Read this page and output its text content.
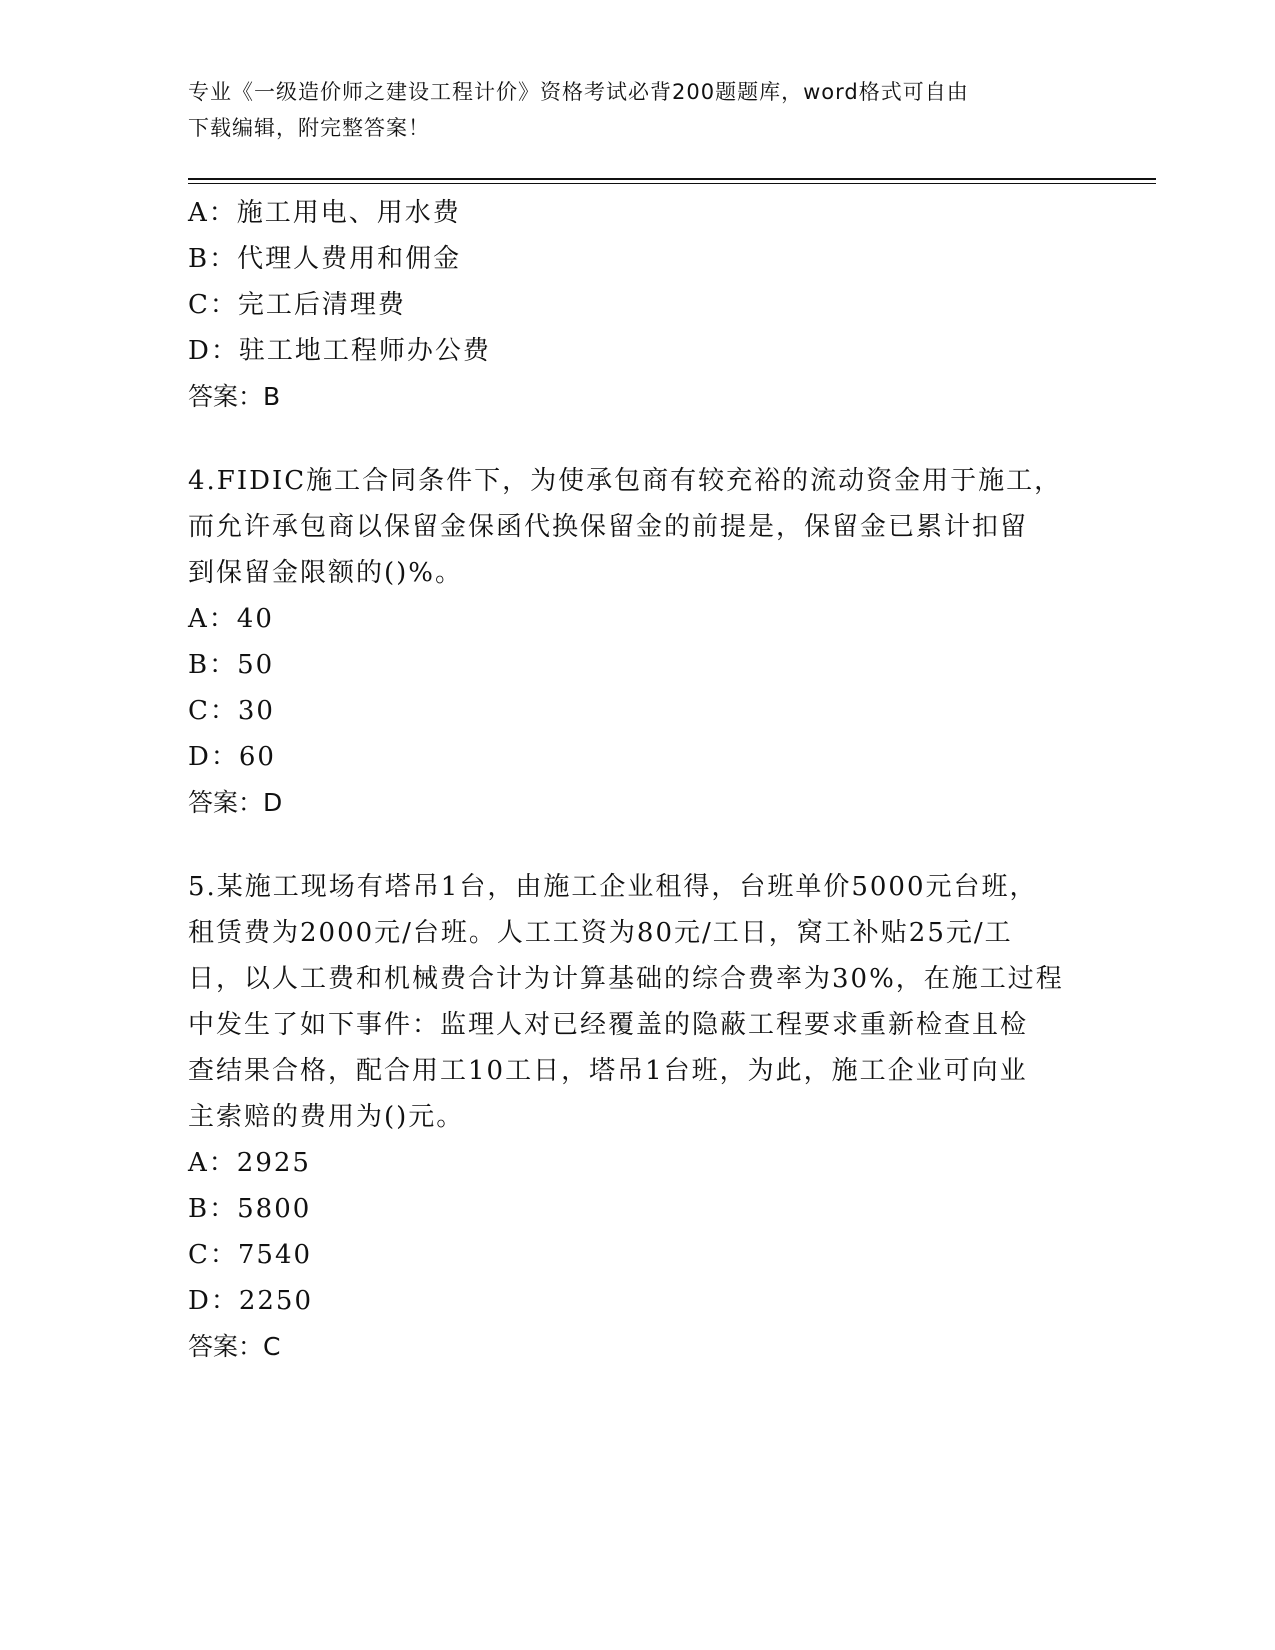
专业《一级造价师之建设工程计价》资格考试必背200题题库，word格式可自由
下载编辑，附完整答案！
A：施工用电、用水费
B：代理人费用和佣金
C：完工后清理费
D：驻工地工程师办公费
答案：B
4.FIDIC施工合同条件下，为使承包商有较充裕的流动资金用于施工，
而允许承包商以保留金保函代换保留金的前提是，保留金已累计扣留
到保留金限额的()%。
A：40
B：50
C：30
D：60
答案：D
5.某施工现场有塔吊1台，由施工企业租得，台班单价5000元台班，
租赁费为2000元/台班。人工工资为80元/工日，窝工补贴25元/工
日，以人工费和机械费合计为计算基础的综合费率为30%，在施工过程
中发生了如下事件：监理人对已经覆盖的隐蔽工程要求重新检查且检
查结果合格，配合用工10工日，塔吊1台班，为此，施工企业可向业
主索赔的费用为()元。
A：2925
B：5800
C：7540
D：2250
答案：C
